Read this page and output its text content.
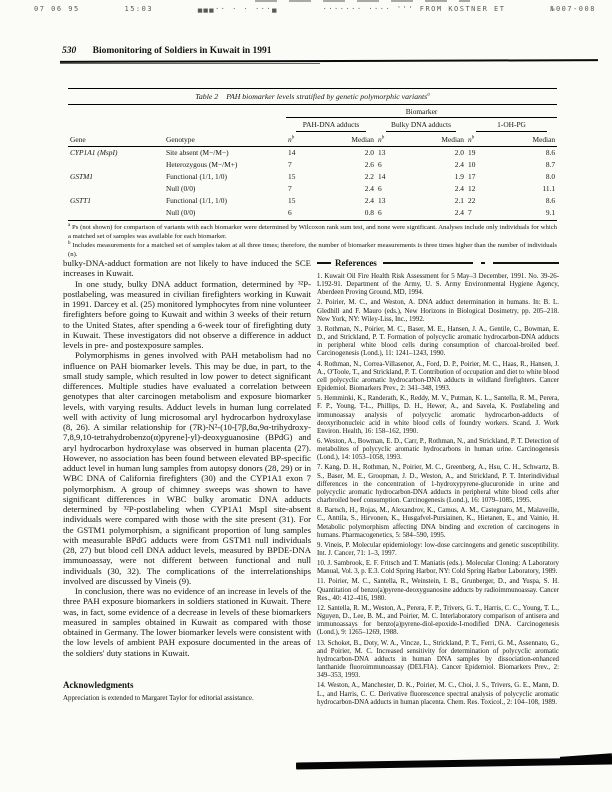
07 06 95	15:03	▄▄▄·· · · ···▄	······· ···· ''' FROM KOSTNER ET	№007-008
530 Biomonitoring of Soldiers in Kuwait in 1991
Table 2 PAH biomarker levels stratified by genetic polymorphic variants$^a$
Gene	Genotype	Biomarker					

		PAH-DNA adducts		Bulky DNA adducts		1-OH-PG	

		$n^b$	Median	$n^b$	Median	$n^b$	Median
CYP1A1 (MspI)	Site absent (M−/M−)	14	2.0	13	2.0	19	8.6
	Heterozygous (M−/M+)	7	2.6	6	2.4	10	8.7
GSTM1	Functional (1/1, 1/0)	15	2.2	14	1.9	17	8.0
	Null (0/0)	7	2.4	6	2.4	12	11.1
GSTT1	Functional (1/1, 1/0)	15	2.4	13	2.1	22	8.6
	Null (0/0)	6	0.8	6	2.4	7	9.1

$^a$ Ps (not shown) for comparison of variants with each biomarker were determined by Wilcoxon rank sum test, and none were significant. Analyses include only individuals for which a matched set of samples was available for each biomarker.

$^b$ Includes measurements for a matched set of samples taken at all three times; therefore, the number of biomarker measurements is three times higher than the number of individuals (n).

bulky-DNA-adduct formation are not likely to have induced the SCE increases in Kuwait.

In one study, bulky DNA adduct formation, determined by ³²P-postlabeling, was measured in civilian firefighters working in Kuwait in 1991. Darcey et al. (25) monitored lymphocytes from nine volunteer firefighters before going to Kuwait and within 3 weeks of their return to the United States, after spending a 6-week tour of firefighting duty in Kuwait. These investigators did not observe a difference in adduct levels in pre- and postexposure samples.

Polymorphisms in genes involved with PAH metabolism had no influence on PAH biomarker levels. This may be due, in part, to the small study sample, which resulted in low power to detect significant differences. Multiple studies have evaluated a correlation between genotypes that alter carcinogen metabolism and exposure biomarker levels, with varying results. Adduct levels in human lung correlated well with activity of lung microsomal aryl hydrocarbon hydroxylase (8, 26). A similar relationship for (7R)-N²-(10-[7β,8α,9α-trihydroxy-7,8,9,10-tetrahydrobenzo(α)pyrene]-yl)-deoxyguanosine (BPdG) and aryl hydrocarbon hydroxylase was observed in human placenta (27). However, no association has been found between elevated BP-specific adduct level in human lung samples from autopsy donors (28, 29) or in WBC DNA of California firefighters (30) and the CYP1A1 exon 7 polymorphism. A group of chimney sweeps was shown to have significant differences in WBC bulky aromatic DNA adducts determined by ³²P-postlabeling when CYP1A1 MspI site-absent individuals were compared with those with the site present (31). For the GSTM1 polymorphism, a significant proportion of lung samples with measurable BPdG adducts were from GSTM1 null individuals (28, 27) but blood cell DNA adduct levels, measured by BPDE-DNA immunoassay, were not different between functional and null individuals (30, 32). The complications of the interrelationships involved are discussed by Vineis (9).

In conclusion, there was no evidence of an increase in levels of the three PAH exposure biomarkers in soldiers stationed in Kuwait. There was, in fact, some evidence of a decrease in levels of these biomarkers measured in samples obtained in Kuwait as compared with those obtained in Germany. The lower biomarker levels were consistent with the low levels of ambient PAH exposure documented in the areas of the soldiers' duty stations in Kuwait.

Acknowledgments

Appreciation is extended to Margaret Taylor for editorial assistance.

References

1. Kuwait Oil Fire Health Risk Assessment for 5 May–3 December, 1991. No. 39-26-L192-91. Department of the Army, U. S. Army Environmental Hygiene Agency, Aberdeen Proving Ground, MD, 1994.

2. Poirier, M. C., and Weston, A. DNA adduct determination in humans. In: B. L. Gledhill and F. Mauro (eds.), New Horizons in Biological Dosimetry, pp. 205–218. New York, NY: Wiley-Liss, Inc., 1992.

3. Rothman, N., Poirier, M. C., Baser, M. E., Hansen, J. A., Gentile, C., Bowman, E. D., and Strickland, P. T. Formation of polycyclic aromatic hydrocarbon-DNA adducts in peripheral white blood cells during consumption of charcoal-broiled beef. Carcinogenesis (Lond.), 11: 1241–1243, 1990.

4. Rothman, N., Correa-Villasenor, A., Ford, D. P., Poirier, M. C., Haas, R., Hansen, J. A., O'Toole, T., and Strickland, P. T. Contribution of occupation and diet to white blood cell polycyclic aromatic hydrocarbon-DNA adducts in wildland firefighters. Cancer Epidemiol. Biomarkers Prev., 2: 341–348, 1993.

5. Hemminki, K., Randerath, K., Reddy, M. V., Putman, K. L., Santella, R. M., Perera, F. P., Young, T-L., Phillips, D. H., Hewer, A., and Savela, K. Postlabeling and immunoassay analysis of polycyclic aromatic hydrocarbon-adducts of deoxyribonucleic acid in white blood cells of foundry workers. Scand. J. Work Environ. Health, 16: 158–162, 1990.

6. Weston, A., Bowman, E. D., Carr, P., Rothman, N., and Strickland, P. T. Detection of metabolites of polycyclic aromatic hydrocarbons in human urine. Carcinogenesis (Lond.), 14: 1053–1058, 1993.

7. Kang, D. H., Rothman, N., Poirier, M. C., Greenberg, A., Hsu, C. H., Schwartz, B. S., Baser, M. E., Groopman, J. D., Weston, A., and Strickland, P. T. Interindividual differences in the concentration of 1-hydroxypyrene-glucuronide in urine and polycyclic aromatic hydrocarbon-DNA adducts in peripheral white blood cells after charbroiled beef consumption. Carcinogenesis (Lond.), 16: 1079–1085, 1995.

8. Bartsch, H., Rojas, M., Alexandrov, K., Camus, A. M., Castegnaro, M., Malaveille, C., Anttila, S., Hirvonen, K., Husgafvel-Pursiainen, K., Hietanen, E., and Vainio, H. Metabolic polymorphism affecting DNA binding and excretion of carcinogens in humans. Pharmacogenetics, 5: 584–590, 1995.

9. Vineis, P. Molecular epidemiology: low-dose carcinogens and genetic susceptibility. Int. J. Cancer, 71: 1–3, 1997.

10. J. Sambrook, E. F. Fritsch and T. Maniatis (eds.). Molecular Cloning: A Laboratory Manual, Vol. 3, p. E.3. Cold Spring Harbor, NY: Cold Spring Harbor Laboratory, 1989.

11. Poirier, M. C., Santella, R., Weinstein, I. B., Grunberger, D., and Yuspa, S. H. Quantitation of benzo(a)pyrene-deoxyguanosine adducts by radioimmunoassay. Cancer Res., 40: 412–416, 1980.

12. Santella, R. M., Weston, A., Perera, F. P., Trivers, G. T., Harris, C. C., Young, T. L., Nguyen, D., Lee, B. M., and Poirier, M. C. Interlaboratory comparison of antisera and immunoassays for benzo(a)pyrene-diol-epoxide-I-modified DNA. Carcinogenesis (Lond.), 9: 1265–1269, 1988.

13. Schoket, B., Doty, W. A., Vincze, L., Strickland, P. T., Ferri, G. M., Assennato, G., and Poirier, M. C. Increased sensitivity for determination of polycyclic aromatic hydrocarbon-DNA adducts in human DNA samples by dissociation-enhanced lanthanide fluoroimmunoassay (DELFIA). Cancer Epidemiol. Biomarkers Prev., 2: 349–353, 1993.

14. Weston, A., Manchester, D. K., Poirier, M. C., Choi, J. S., Trivers, G. E., Mann, D. L., and Harris, C. C. Derivative fluorescence spectral analysis of polycyclic aromatic hydrocarbon-DNA adducts in human placenta. Chem. Res. Toxicol., 2: 104–108, 1989.
